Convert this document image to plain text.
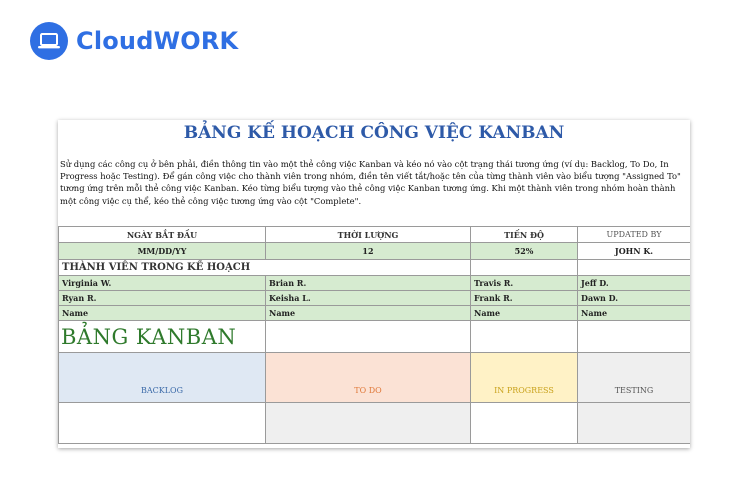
CloudWORK
BẢNG KẾ HOẠCH CÔNG VIỆC KANBAN
Sử dụng các công cụ ở bên phải, điền thông tin vào một thẻ công việc Kanban và kéo nó vào cột trạng thái tương ứng (ví dụ: Backlog, To Do, In Progress hoặc Testing). Để gán công việc cho thành viên trong nhóm, điền tên viết tắt/hoặc tên của từng thành viên vào biểu tượng "Assigned To" tương ứng trên mỗi thẻ công việc Kanban. Kéo từng biểu tượng vào thẻ công việc Kanban tương ứng. Khi một thành viên trong nhóm hoàn thành một công việc cụ thể, kéo thẻ công việc tương ứng vào cột "Complete".
NGÀY BẮT ĐẦU	THỜI LƯỢNG	TIẾN ĐỘ	UPDATED BY
MM/DD/YY	12	52%	JOHN K.
THÀNH VIÊN TRONG KẾ HOẠCH			
Virginia W.	Brian R.	Travis R.	Jeff D.
Ryan R.	Keisha L.	Frank R.	Dawn D.
Name	Name	Name	Name
BẢNG KANBAN			
BACKLOG	TO DO	IN PROGRESS	TESTING
